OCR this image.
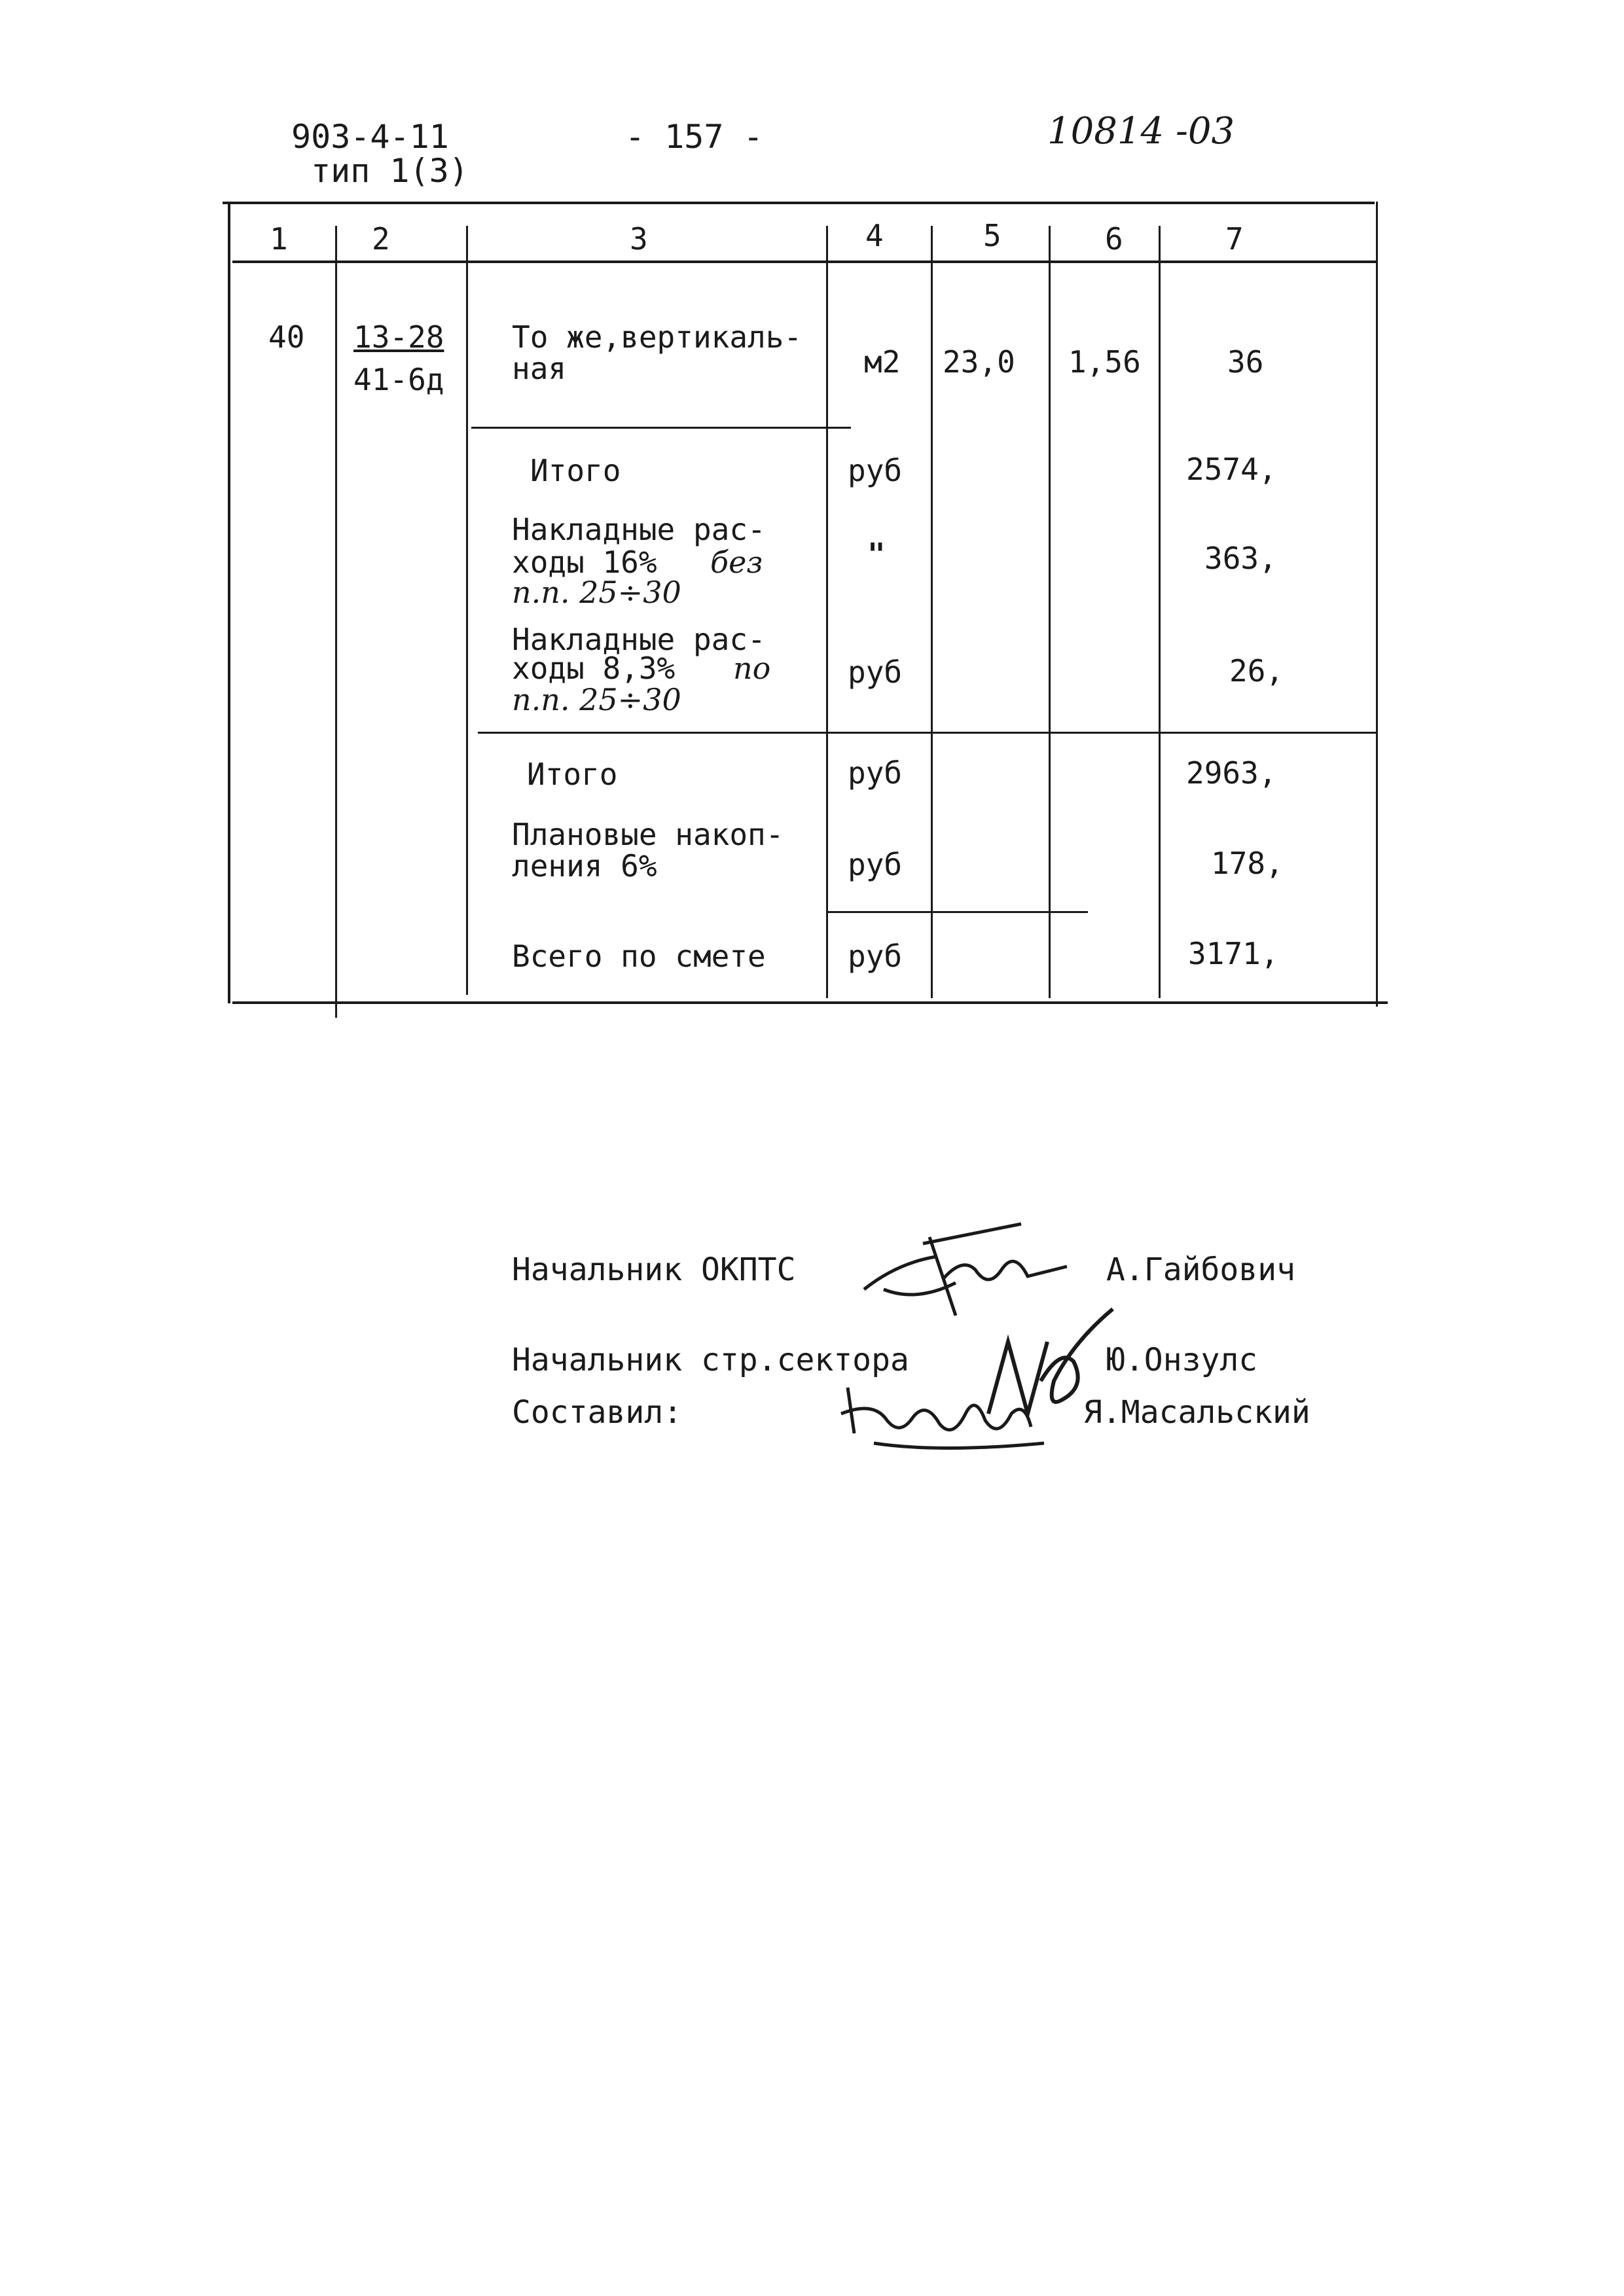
903-4-11
тип 1(3)
- 157 -	10814 -03
1	2	3	4	5	6	7
40 13-28
41-6д
То же,вертикаль-
ная	м2 23,0 1,56	36
Итого	руб	2574,
Накладные рас-
ходы 16% без
п.п. 25÷30
"	363,
Накладные рас-
ходы 8,3% по
п.п. 25÷30
руб	26,
Итого	руб	2963,
Плановые накоп-
ления 6%	руб	178,
Всего по смете	руб	3171,
Начальник ОКПТС	А.Гайбович
Начальник стр.сектора	Ю.Онзулс
Составил:	Я.Масальский
